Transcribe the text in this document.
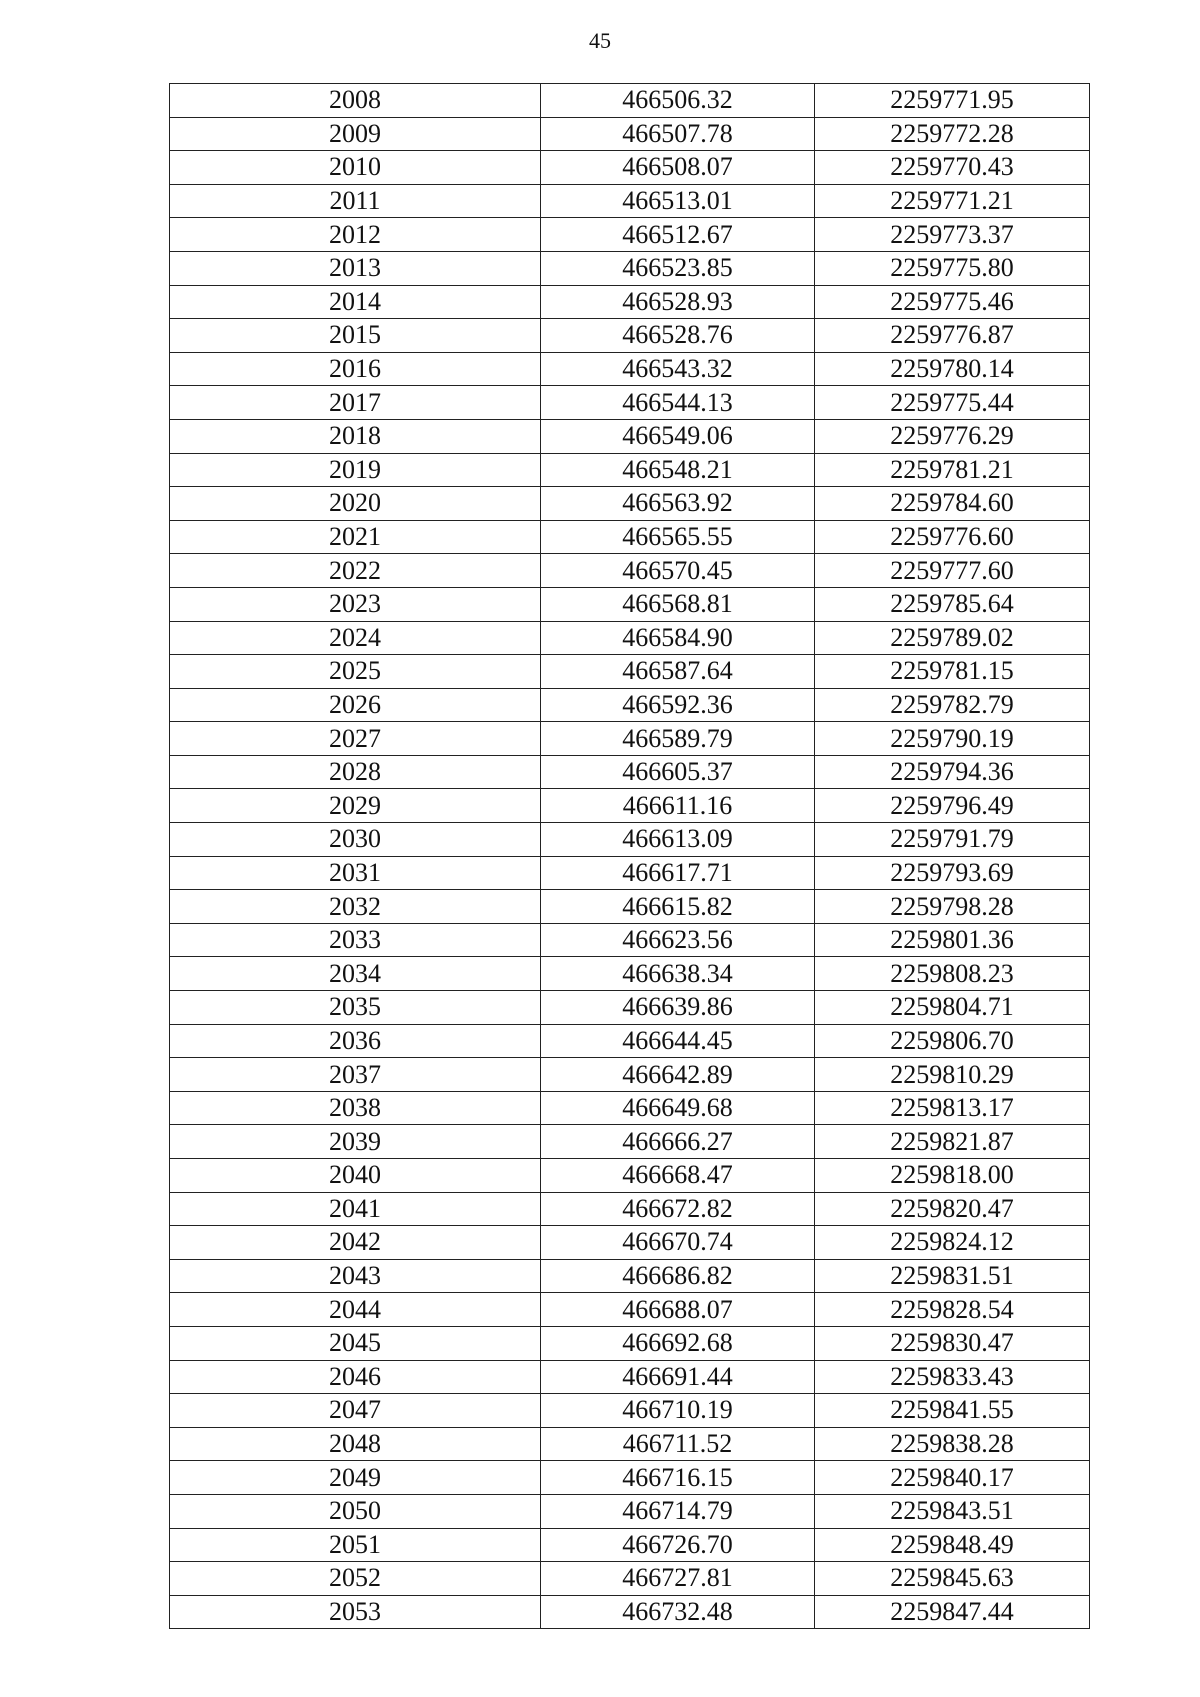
45
2008	466506.32	2259771.95
2009	466507.78	2259772.28
2010	466508.07	2259770.43
2011	466513.01	2259771.21
2012	466512.67	2259773.37
2013	466523.85	2259775.80
2014	466528.93	2259775.46
2015	466528.76	2259776.87
2016	466543.32	2259780.14
2017	466544.13	2259775.44
2018	466549.06	2259776.29
2019	466548.21	2259781.21
2020	466563.92	2259784.60
2021	466565.55	2259776.60
2022	466570.45	2259777.60
2023	466568.81	2259785.64
2024	466584.90	2259789.02
2025	466587.64	2259781.15
2026	466592.36	2259782.79
2027	466589.79	2259790.19
2028	466605.37	2259794.36
2029	466611.16	2259796.49
2030	466613.09	2259791.79
2031	466617.71	2259793.69
2032	466615.82	2259798.28
2033	466623.56	2259801.36
2034	466638.34	2259808.23
2035	466639.86	2259804.71
2036	466644.45	2259806.70
2037	466642.89	2259810.29
2038	466649.68	2259813.17
2039	466666.27	2259821.87
2040	466668.47	2259818.00
2041	466672.82	2259820.47
2042	466670.74	2259824.12
2043	466686.82	2259831.51
2044	466688.07	2259828.54
2045	466692.68	2259830.47
2046	466691.44	2259833.43
2047	466710.19	2259841.55
2048	466711.52	2259838.28
2049	466716.15	2259840.17
2050	466714.79	2259843.51
2051	466726.70	2259848.49
2052	466727.81	2259845.63
2053	466732.48	2259847.44
